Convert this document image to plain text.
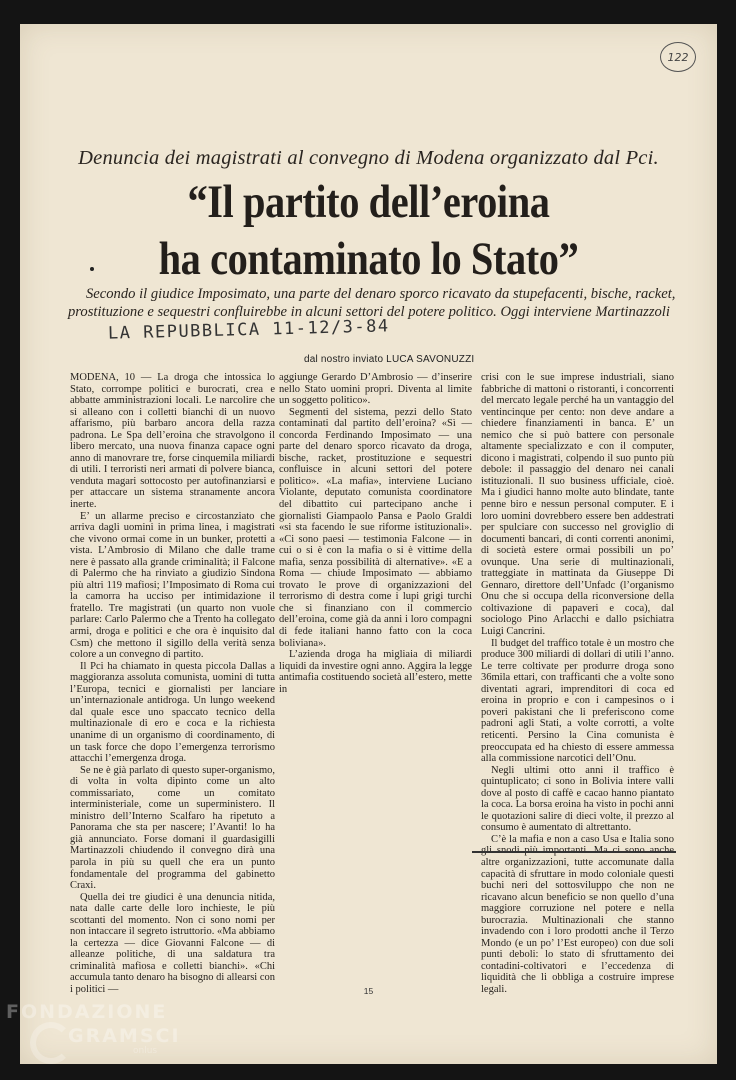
122
Denuncia dei magistrati al convegno di Modena organizzato dal Pci.
“Il partito dell’eroina
ha contaminato lo Stato”
Secondo il giudice Imposimato, una parte del denaro sporco ricavato da stupefacenti, bische, racket,
prostituzione e sequestri confluirebbe in alcuni settori del potere politico. Oggi interviene Martinazzoli
LA REPUBBLICA 11-12/3-84
dal nostro inviato LUCA SAVONUZZI

MODENA, 10 — La droga che intossica lo Stato, corrompe politici e burocrati, crea e abbatte amministrazioni locali. Le narcolire che si alleano con i colletti bianchi di un nuovo affarismo, più barbaro ancora della razza padrona. Le Spa dell’eroina che stravolgono il libero mercato, una nuova finanza capace ogni anno di manovrare tre, forse cinquemila miliardi di utili. I terroristi neri armati di polvere bianca, venduta magari sottocosto per autofinanziarsi e per attaccare un sistema stranamente ancora inerte.

E’ un allarme preciso e circostanziato che arriva dagli uomini in prima linea, i magistrati che vivono ormai come in un bunker, protetti a vista. L’Ambrosio di Milano che dalle trame nere è passato alla grande criminalità; il Falcone di Palermo che ha rinviato a giudizio Sindona più altri 119 mafiosi; l’Imposimato di Roma cui la camorra ha ucciso per intimidazione il fratello. Tre magistrati (un quarto non vuole parlare: Carlo Palermo che a Trento ha collegato armi, droga e politici e che ora è inquisito dal Csm) che mettono il sigillo della verità senza colore a un convegno di partito.

Il Pci ha chiamato in questa piccola Dallas a maggioranza assoluta comunista, uomini di tutta l’Europa, tecnici e giornalisti per lanciare un’internazionale antidroga. Un lungo weekend dal quale esce uno spaccato tecnico della multinazionale di ero e coca e la richiesta unanime di un organismo di coordinamento, di un task force che dopo l’emergenza terrorismo attacchi l’emergenza droga.

Se ne è già parlato di questo super-organismo, di volta in volta dipinto come un alto commissariato, come un comitato interministeriale, come un superministero. Il ministro dell’Interno Scalfaro ha ripetuto a Panorama che sta per nascere; l’Avanti! lo ha già annunciato. Forse domani il guardasigilli Martinazzoli chiudendo il convegno dirà una parola in più su quell che era un punto fondamentale del programma del gabinetto Craxi.

Quella dei tre giudici è una denuncia nitida, nata dalle carte delle loro inchieste, le più scottanti del momento. Non ci sono nomi per non intaccare il segreto istruttorio. «Ma abbiamo la certezza — dice Giovanni Falcone — di alleanze politiche, di una saldatura tra criminalità mafiosa e colletti bianchi». «Chi accumula tanto denaro ha bisogno di allearsi con i politici —

aggiunge Gerardo D’Ambrosio — d’inserire nello Stato uomini propri. Diventa al limite un soggetto politico».

Segmenti del sistema, pezzi dello Stato contaminati dal partito dell’eroina? «Sì — concorda Ferdinando Imposimato — una parte del denaro sporco ricavato da droga, bische, racket, prostituzione e sequestri confluisce in alcuni settori del potere politico». «La mafia», interviene Luciano Violante, deputato comunista coordinatore del dibattito cui partecipano anche i giornalisti Giampaolo Pansa e Paolo Graldi «si sta facendo le sue riforme istituzionali». «Ci sono paesi — testimonia Falcone — in cui o si è con la mafia o si è vittime della mafia, senza possibilità di alternative». «E a Roma — chiude Imposimato — abbiamo trovato le prove di organizzazioni del terrorismo di destra come i lupi grigi turchi che si finanziano con il commercio dell’eroina, come già da anni i loro compagni di fede italiani hanno fatto con la coca boliviana».

L’azienda droga ha migliaia di miliardi liquidi da investire ogni anno. Aggira la legge antimafia costituendo società all’estero, mette in

crisi con le sue imprese industriali, siano fabbriche di mattoni o ristoranti, i concorrenti del mercato legale perché ha un vantaggio del ventincinque per cento: non deve andare a chiedere finanziamenti in banca. E’ un nemico che si può battere con personale altamente specializzato e con il computer, dicono i magistrati, colpendo il suo punto più debole: il passaggio del denaro nei canali istituzionali. Il suo business ufficiale, cioè. Ma i giudici hanno molte auto blindate, tante penne biro e nessun personal computer. E i loro uomini dovrebbero essere ben addestrati per spulciare con successo nel groviglio di documenti bancari, di conti correnti anonimi, di società estere ormai possibili un po’ ovunque. Una serie di multinazionali, tratteggiate in mattinata da Giuseppe Di Gennaro, direttore dell’Unfadc (l’organismo Onu che si occupa della riconversione della coltivazione di papaveri e coca), dal sociologo Pino Arlacchi e dallo psichiatra Luigi Cancrini.

Il budget del traffico totale è un mostro che produce 300 miliardi di dollari di utili l’anno. Le terre coltivate per produrre droga sono 36mila ettari, con trafficanti che a volte sono diventati agrari, imprenditori di coca ed eroina in proprio e con i campesinos o i poveri pakistani che li preferiscono come padroni agli Stati, a volte corrotti, a volte reticenti. Persino la Cina comunista è preoccupata ed ha chiesto di essere ammessa alla commissione narcotici dell’Onu.

Negli ultimi otto anni il traffico è quintuplicato; ci sono in Bolivia intere valli dove al posto di caffè e cacao hanno piantato la coca. La borsa eroina ha visto in pochi anni le quotazioni salire di dieci volte, il prezzo al consumo è aumentato di altrettanto.

C’è la mafia e non a caso Usa e Italia sono altre organizzazioni, tutte accomunate dalla capacità di sfruttare in modo coloniale questi buchi neri del sottosviluppo che non ne ricavano alcun beneficio se non quello d’una maggiore corruzione nel potere e nella burocrazia. Multinazionali che stanno invadendo con i loro prodotti anche il Terzo Mondo (e un po’ l’Est europeo) con due soli punti deboli: lo stato di sfruttamento dei contadini-coltivatori e l’eccedenza di liquidità che li obbliga a costruire imprese legali.

15
FONDAZIONE
GRAMSCI
onlus
